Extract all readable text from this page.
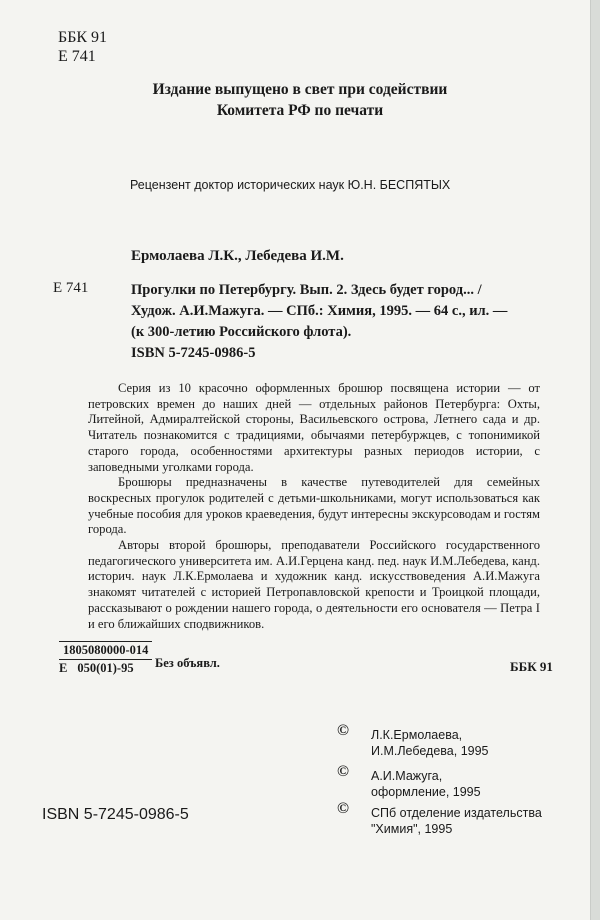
ББК 91
Е 741
Издание выпущено в свет при содействии
Комитета РФ по печати
Рецензент доктор исторических наук Ю.Н. БЕСПЯТЫХ
Ермолаева Л.К., Лебедева И.М.
Е 741	Прогулки по Петербургу. Вып. 2. Здесь будет город... /
Худож. А.И.Мажуга. — СПб.: Химия, 1995. — 64 с., ил. —
(к 300-летию Российского флота).
ISBN 5-7245-0986-5

Серия из 10 красочно оформленных брошюр посвящена истории — от петровских времен до наших дней — отдельных районов Петербурга: Охты, Литейной, Адмиралтейской стороны, Васильевского острова, Летнего сада и др. Читатель познакомится с традициями, обычаями петербуржцев, с топонимикой старого города, особенностями архитектуры разных периодов истории, с заповедными уголками города.

Брошюры предназначены в качестве путеводителей для семейных воскресных прогулок родителей с детьми-школьниками, могут использоваться как учебные пособия для уроков краеведения, будут интересны экскурсоводам и гостям города.

Авторы второй брошюры, преподаватели Российского государственного педагогического университета им. А.И.Герцена канд. пед. наук И.М.Лебедева, канд. историч. наук Л.К.Ермолаева и художник канд. искусствоведения А.И.Мажуга знакомят читателей с историей Петропавловской крепости и Троицкой площади, рассказывают о рождении нашего города, о деятельности его основателя — Петра I и его ближайших сподвижников.

1805080000-014
Е 050(01)-95 Без объявл.	ББК 91
© Л.К.Ермолаева,
И.М.Лебедева, 1995
© А.И.Мажуга,
оформление, 1995
© СПб отделение издательства
"Химия", 1995
ISBN 5-7245-0986-5
